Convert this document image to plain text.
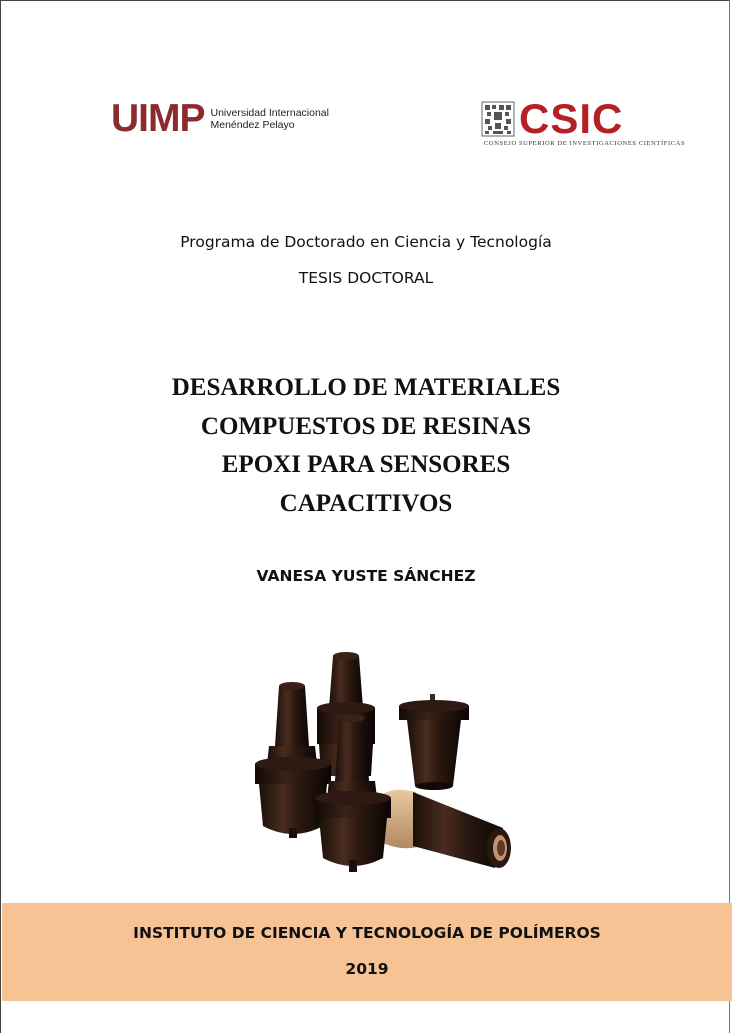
UIMP Universidad Internacional
Menéndez Pelayo	CSIC
CONSEJO SUPERIOR DE INVESTIGACIONES CIENTÍFICAS
Programa de Doctorado en Ciencia y Tecnología
TESIS DOCTORAL
DESARROLLO DE MATERIALES
COMPUESTOS DE RESINAS
EPOXI PARA SENSORES
CAPACITIVOS
VANESA YUSTE SÁNCHEZ
INSTITUTO DE CIENCIA Y TECNOLOGÍA DE POLÍMEROS
2019
